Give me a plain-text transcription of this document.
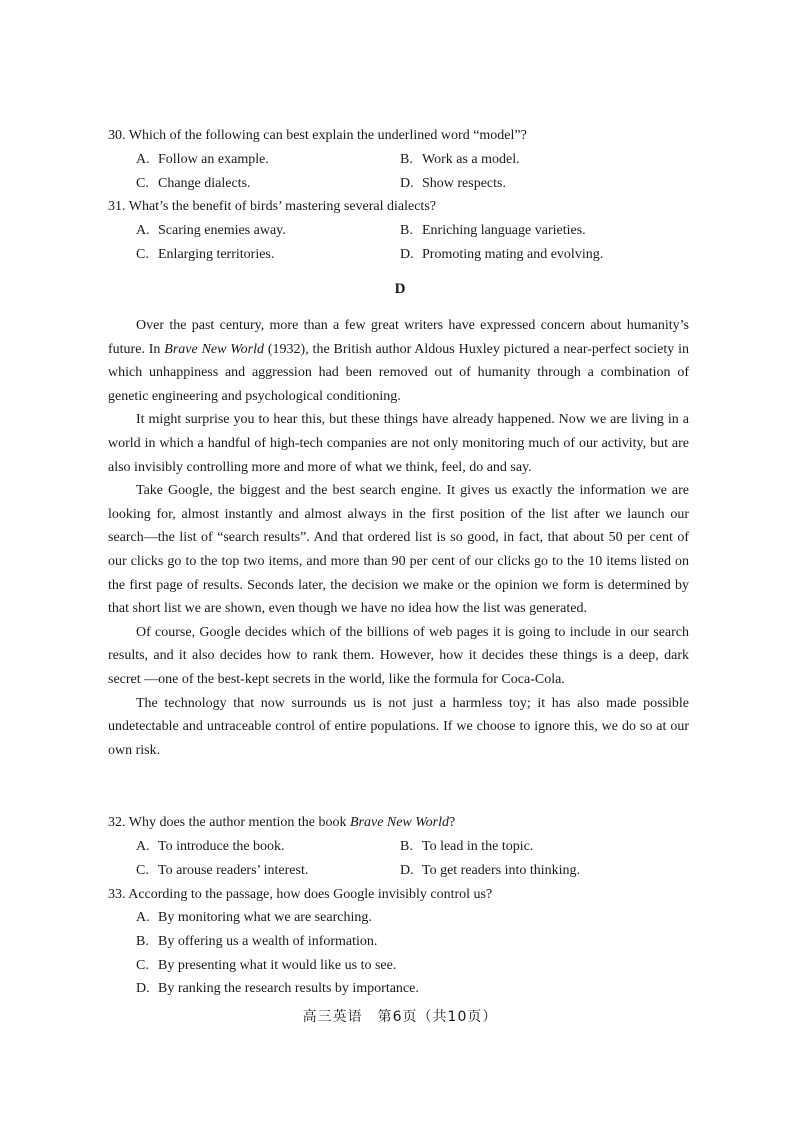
30. Which of the following can best explain the underlined word “model”?
A. Follow an example.	B. Work as a model.
C. Change dialects.	D. Show respects.
31. What’s the benefit of birds’ mastering several dialects?
A. Scaring enemies away.	B. Enriching language varieties.
C. Enlarging territories.	D. Promoting mating and evolving.
D

Over the past century, more than a few great writers have expressed concern about humanity’s future. In Brave New World (1932), the British author Aldous Huxley pictured a near-perfect society in which unhappiness and aggression had been removed out of humanity through a combination of genetic engineering and psychological conditioning.

It might surprise you to hear this, but these things have already happened. Now we are living in a world in which a handful of high-tech companies are not only monitoring much of our activity, but are also invisibly controlling more and more of what we think, feel, do and say.

Take Google, the biggest and the best search engine. It gives us exactly the information we are looking for, almost instantly and almost always in the first position of the list after we launch our search—the list of “search results”. And that ordered list is so good, in fact, that about 50 per cent of our clicks go to the top two items, and more than 90 per cent of our clicks go to the 10 items listed on the first page of results. Seconds later, the decision we make or the opinion we form is determined by that short list we are shown, even though we have no idea how the list was generated.

Of course, Google decides which of the billions of web pages it is going to include in our search results, and it also decides how to rank them. However, how it decides these things is a deep, dark secret —one of the best-kept secrets in the world, like the formula for Coca-Cola.

The technology that now surrounds us is not just a harmless toy; it has also made possible undetectable and untraceable control of entire populations. If we choose to ignore this, we do so at our own risk.

32. Why does the author mention the book Brave New World?
A. To introduce the book.	B. To lead in the topic.
C. To arouse readers’ interest.	D. To get readers into thinking.
33. According to the passage, how does Google invisibly control us?
A. By monitoring what we are searching.
B. By offering us a wealth of information.
C. By presenting what it would like us to see.
D. By ranking the research results by importance.
高三英语　第6页（共10页）
